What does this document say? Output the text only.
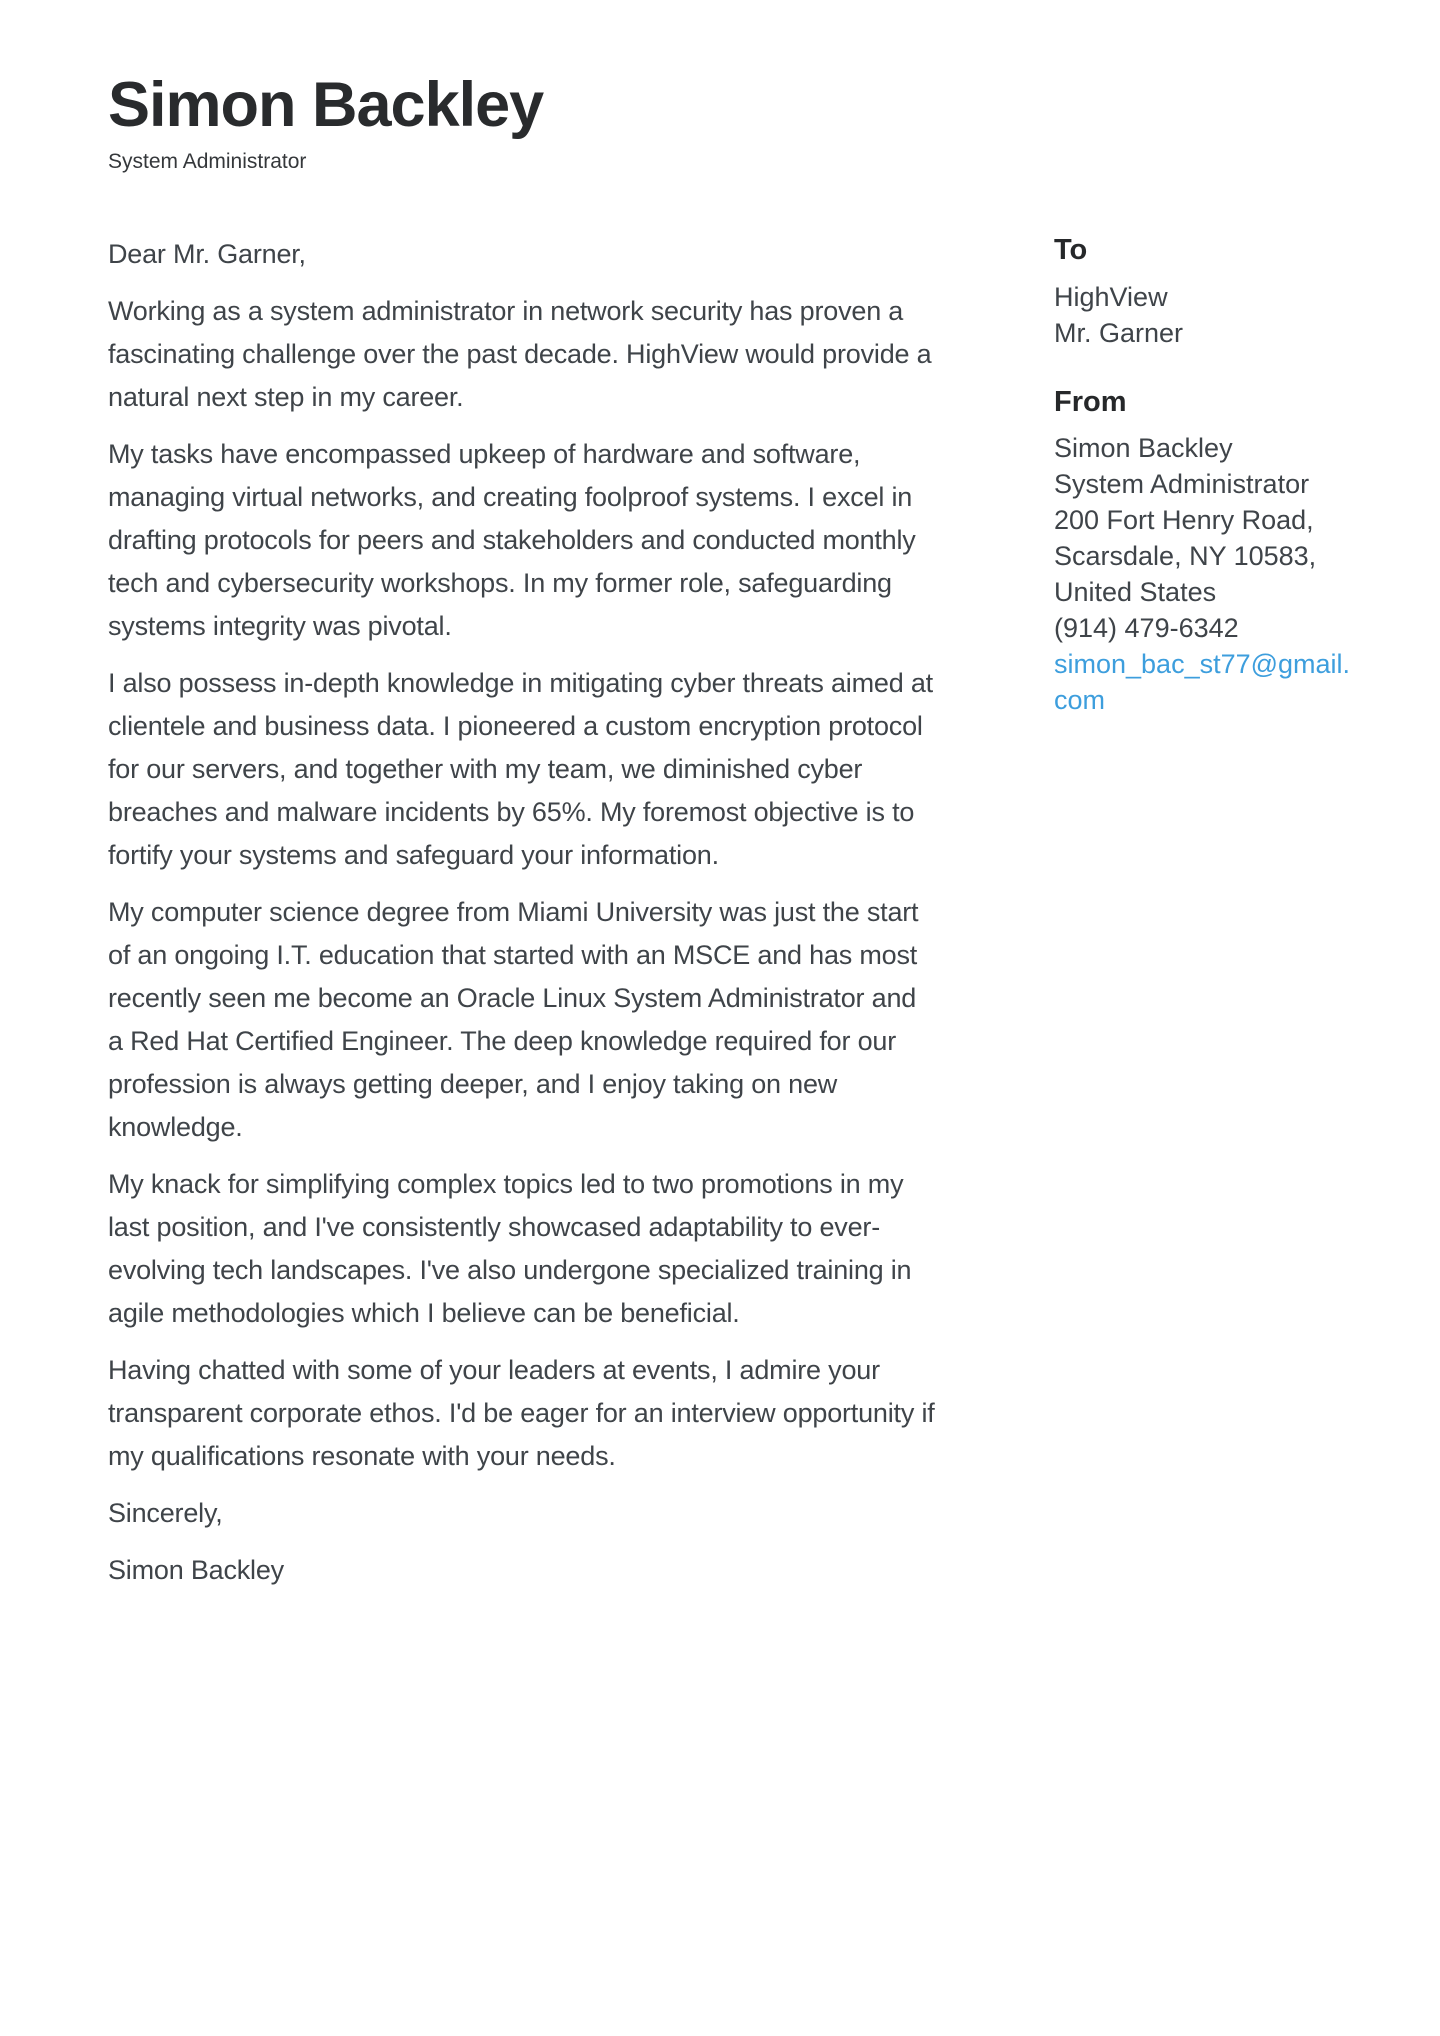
Simon Backley
System Administrator

Dear Mr. Garner,

Working as a system administrator in network security has proven a fascinating challenge over the past decade. HighView would provide a natural next step in my career.

My tasks have encompassed upkeep of hardware and software, managing virtual networks, and creating foolproof systems. I excel in drafting protocols for peers and stakeholders and conducted monthly tech and cybersecurity workshops. In my former role, safeguarding systems integrity was pivotal.

I also possess in-depth knowledge in mitigating cyber threats aimed at clientele and business data. I pioneered a custom encryption protocol for our servers, and together with my team, we diminished cyber breaches and malware incidents by 65%. My foremost objective is to fortify your systems and safeguard your information.

My computer science degree from Miami University was just the start of an ongoing I.T. education that started with an MSCE and has most recently seen me become an Oracle Linux System Administrator and a Red Hat Certified Engineer. The deep knowledge required for our profession is always getting deeper, and I enjoy taking on new knowledge.

My knack for simplifying complex topics led to two promotions in my last position, and I've consistently showcased adaptability to ever-evolving tech landscapes. I've also undergone specialized training in agile methodologies which I believe can be beneficial.

Having chatted with some of your leaders at events, I admire your transparent corporate ethos. I'd be eager for an interview opportunity if my qualifications resonate with your needs.

Sincerely,

Simon Backley

To
HighView
Mr. Garner
From
Simon Backley
System Administrator
200 Fort Henry Road,
Scarsdale, NY 10583,
United States
(914) 479-6342
simon_bac_st77@gmail.com
